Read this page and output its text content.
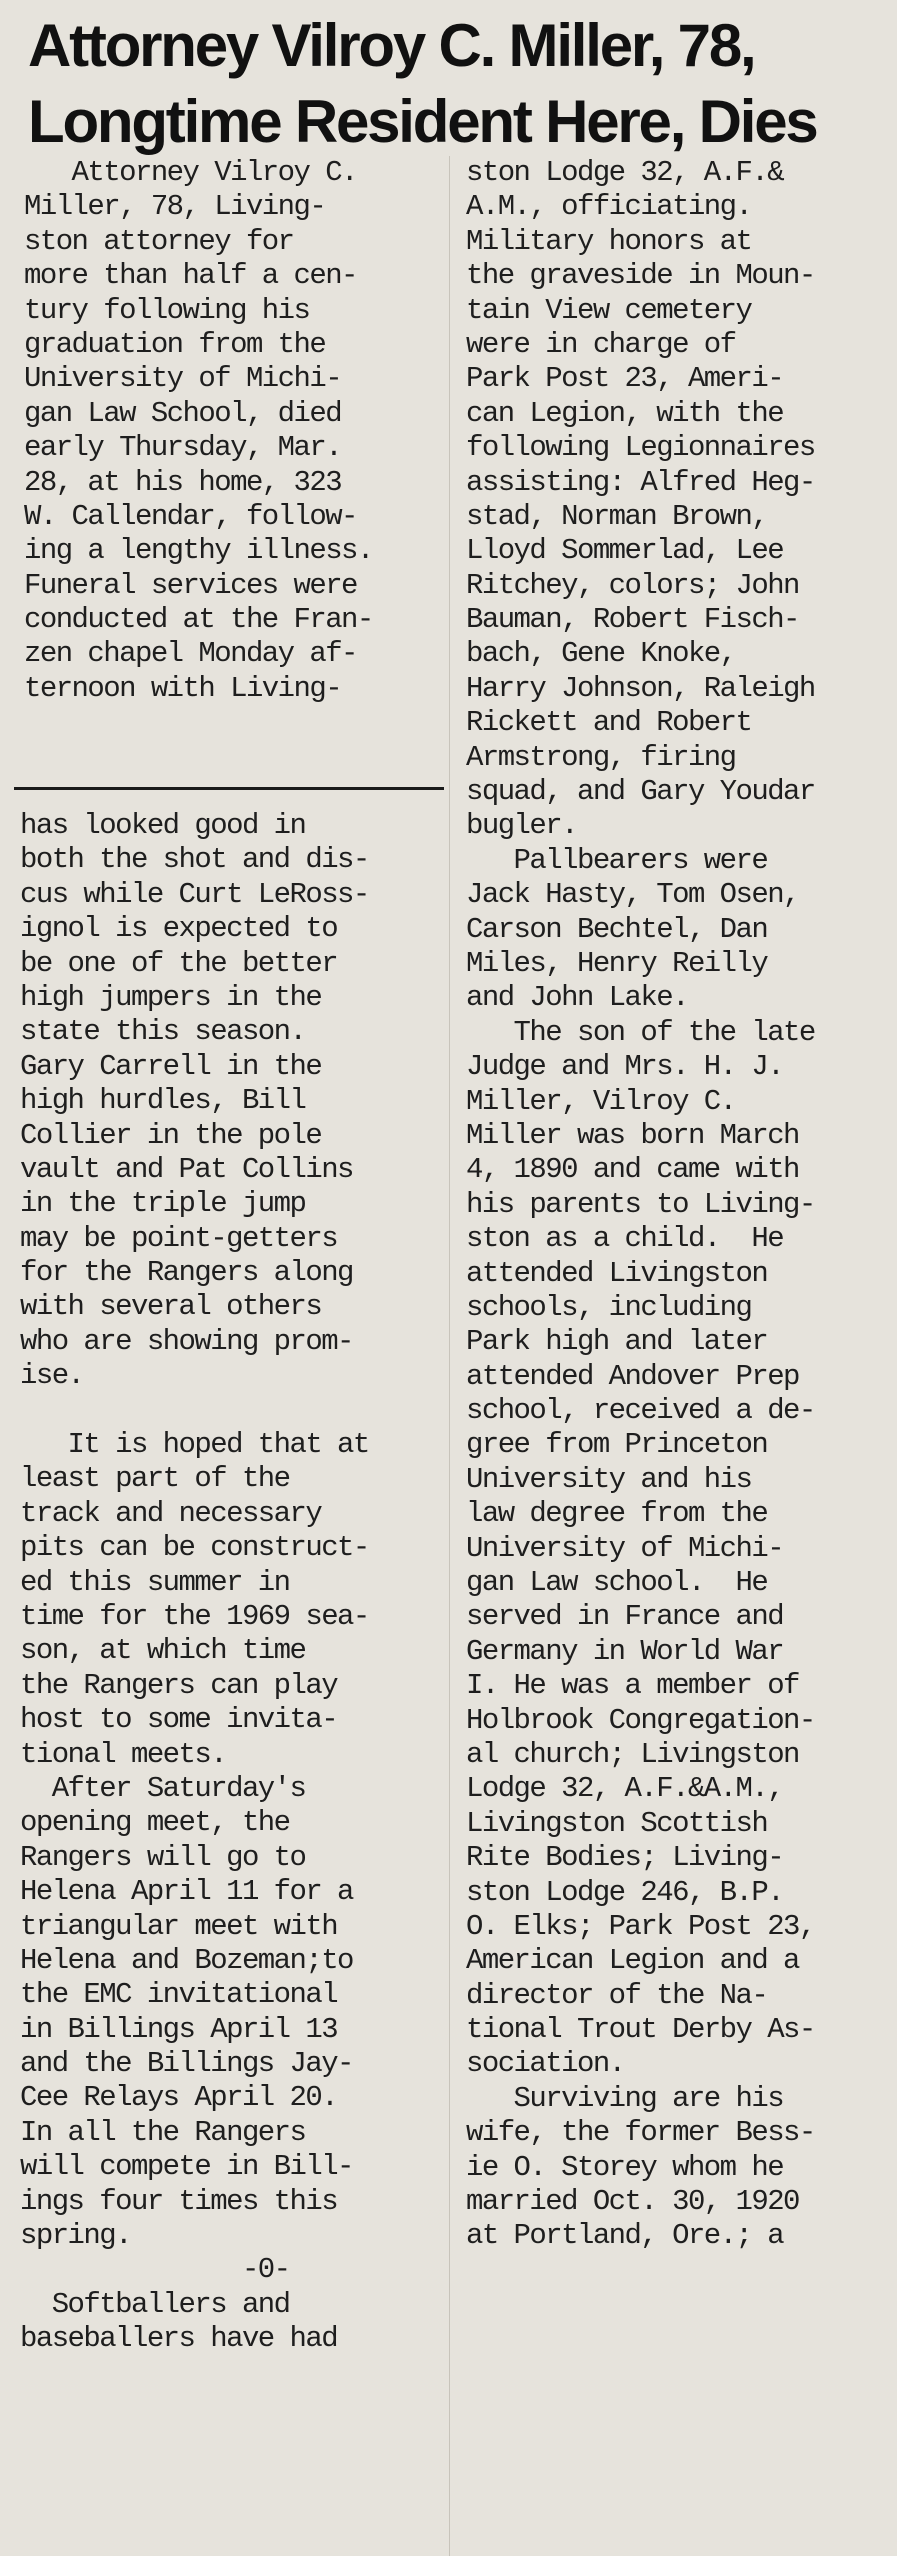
Attorney Vilroy C. Miller, 78,
Longtime Resident Here, Dies
Attorney Vilroy C.
Miller, 78, Living-
ston attorney for
more than half a cen-
tury following his
graduation from the
University of Michi-
gan Law School, died
early Thursday, Mar.
28, at his home, 323
W. Callendar, follow-
ing a lengthy illness.
Funeral services were
conducted at the Fran-
zen chapel Monday af-
ternoon with Living-
has looked good in
both the shot and dis-
cus while Curt LeRoss-
ignol is expected to
be one of the better
high jumpers in the
state this season.
Gary Carrell in the
high hurdles, Bill
Collier in the pole
vault and Pat Collins
in the triple jump
may be point-getters
for the Rangers along
with several others
who are showing prom-
ise.
It is hoped that at
least part of the
track and necessary
pits can be construct-
ed this summer in
time for the 1969 sea-
son, at which time
the Rangers can play
host to some invita-
tional meets.
After Saturday's
opening meet, the
Rangers will go to
Helena April 11 for a
triangular meet with
Helena and Bozeman;to
the EMC invitational
in Billings April 13
and the Billings Jay-
Cee Relays April 20.
In all the Rangers
will compete in Bill-
ings four times this
spring.
-0-
Softballers and
baseballers have had
ston Lodge 32, A.F.&
A.M., officiating.
Military honors at
the graveside in Moun-
tain View cemetery
were in charge of
Park Post 23, Ameri-
can Legion, with the
following Legionnaires
assisting: Alfred Heg-
stad, Norman Brown,
Lloyd Sommerlad, Lee
Ritchey, colors; John
Bauman, Robert Fisch-
bach, Gene Knoke,
Harry Johnson, Raleigh
Rickett and Robert
Armstrong, firing
squad, and Gary Youdar
bugler.
Pallbearers were
Jack Hasty, Tom Osen,
Carson Bechtel, Dan
Miles, Henry Reilly
and John Lake.
The son of the late
Judge and Mrs. H. J.
Miller, Vilroy C.
Miller was born March
4, 1890 and came with
his parents to Living-
ston as a child.  He
attended Livingston
schools, including
Park high and later
attended Andover Prep
school, received a de-
gree from Princeton
University and his
law degree from the
University of Michi-
gan Law school.  He
served in France and
Germany in World War
I. He was a member of
Holbrook Congregation-
al church; Livingston
Lodge 32, A.F.&A.M.,
Livingston Scottish
Rite Bodies; Living-
ston Lodge 246, B.P.
O. Elks; Park Post 23,
American Legion and a
director of the Na-
tional Trout Derby As-
sociation.
Surviving are his
wife, the former Bess-
ie O. Storey whom he
married Oct. 30, 1920
at Portland, Ore.; a
